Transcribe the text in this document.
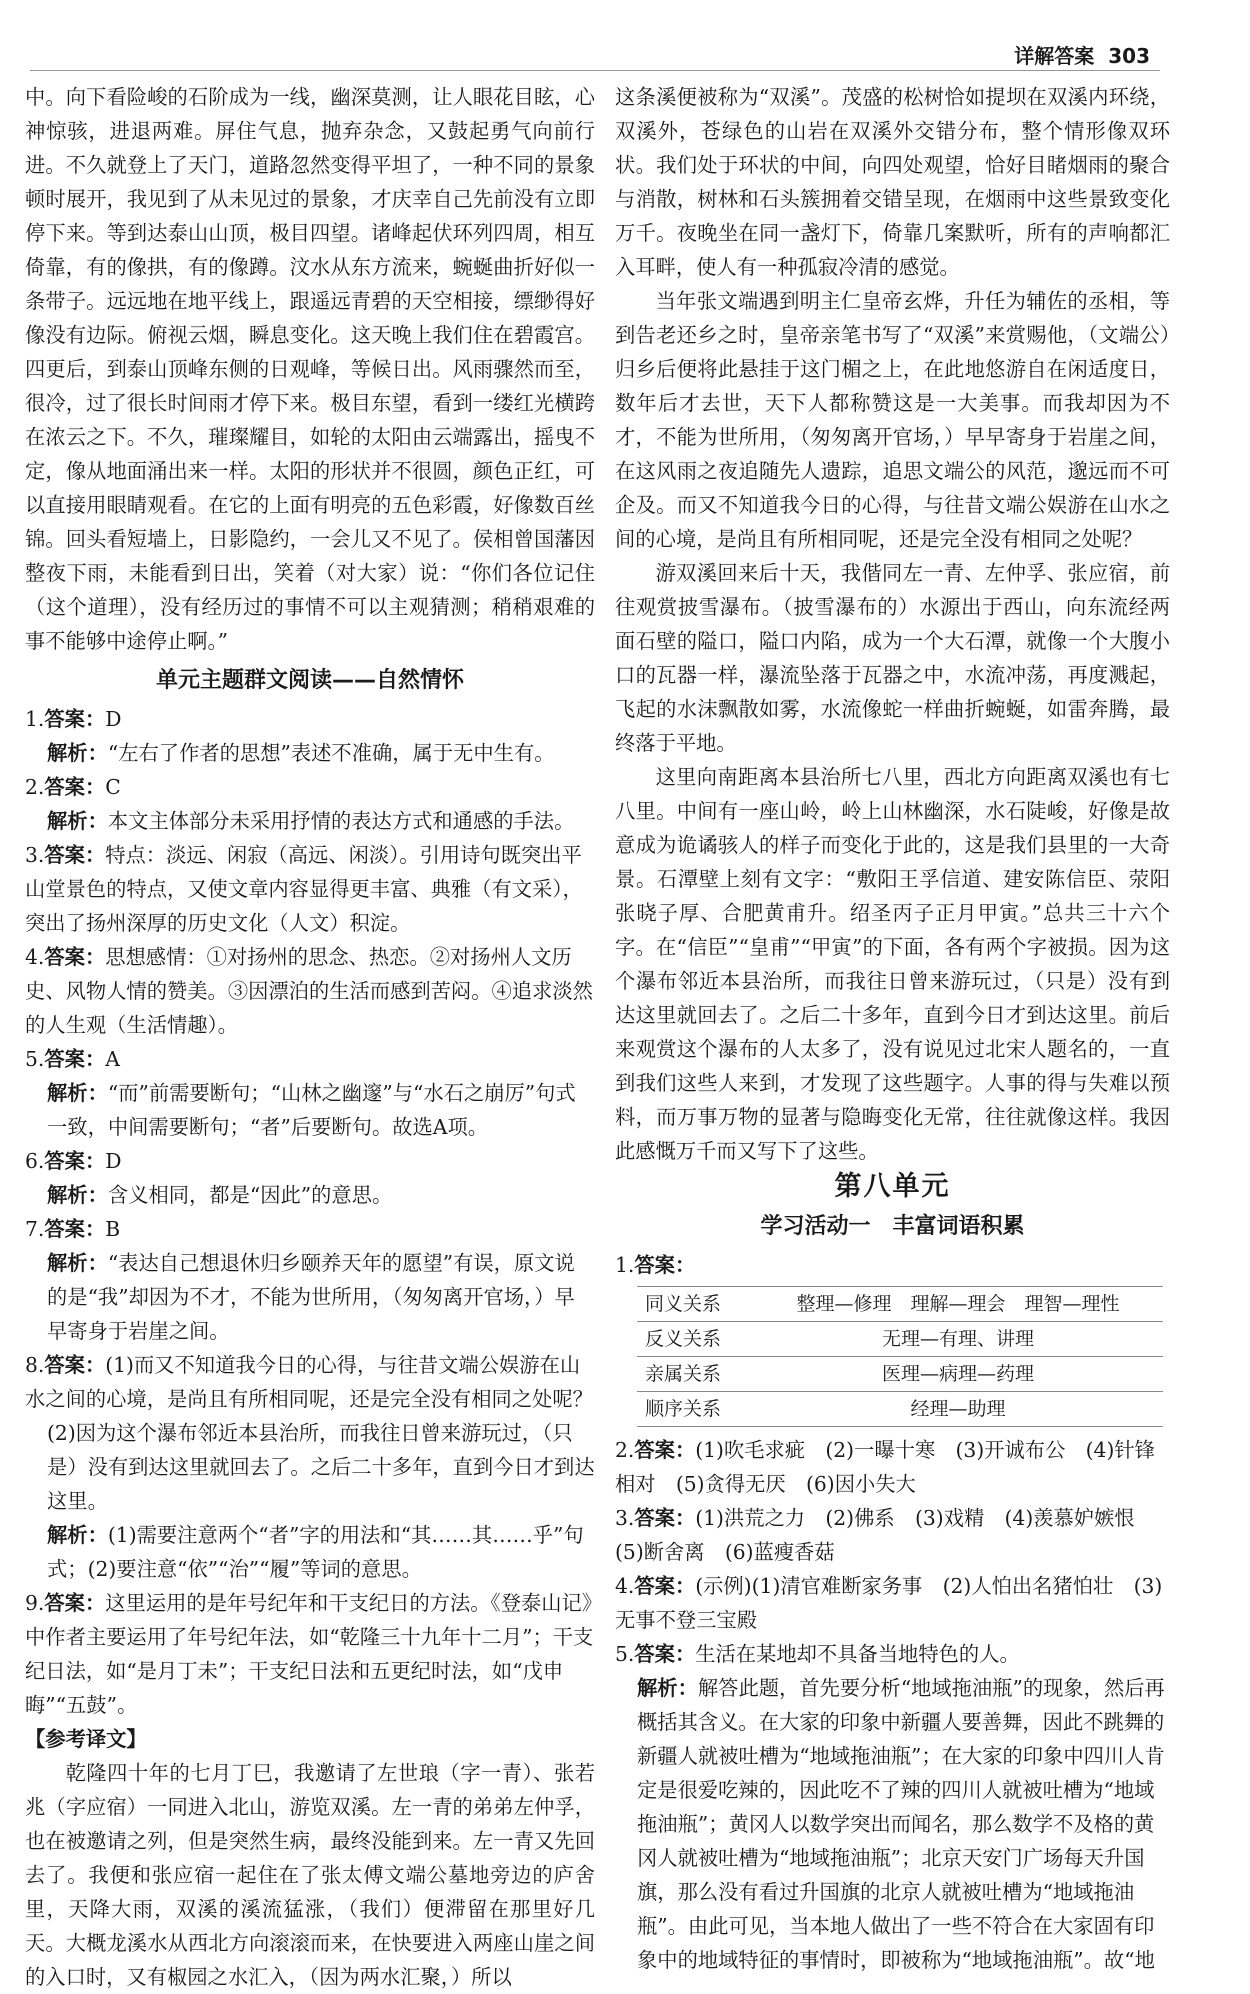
详解答案 303

中。向下看险峻的石阶成为一线，幽深莫测，让人眼花目眩，心神惊骇，进退两难。屏住气息，抛弃杂念，又鼓起勇气向前行进。不久就登上了天门，道路忽然变得平坦了，一种不同的景象顿时展开，我见到了从未见过的景象，才庆幸自己先前没有立即停下来。等到达泰山山顶，极目四望。诸峰起伏环列四周，相互倚靠，有的像拱，有的像蹲。汶水从东方流来，蜿蜒曲折好似一条带子。远远地在地平线上，跟遥远青碧的天空相接，缥缈得好像没有边际。俯视云烟，瞬息变化。这天晚上我们住在碧霞宫。四更后，到泰山顶峰东侧的日观峰，等候日出。风雨骤然而至，很冷，过了很长时间雨才停下来。极目东望，看到一缕红光横跨在浓云之下。不久，璀璨耀目，如轮的太阳由云端露出，摇曳不定，像从地面涌出来一样。太阳的形状并不很圆，颜色正红，可以直接用眼睛观看。在它的上面有明亮的五色彩霞，好像数百丝锦。回头看短墙上，日影隐约，一会儿又不见了。侯相曾国藩因整夜下雨，未能看到日出，笑着（对大家）说：“你们各位记住（这个道理），没有经历过的事情不可以主观猜测；稍稍艰难的事不能够中途停止啊。”

单元主题群文阅读——自然情怀

1.答案：D

解析：“左右了作者的思想”表述不准确，属于无中生有。

2.答案：C

解析：本文主体部分未采用抒情的表达方式和通感的手法。

3.答案：特点：淡远、闲寂（高远、闲淡）。引用诗句既突出平山堂景色的特点，又使文章内容显得更丰富、典雅（有文采），突出了扬州深厚的历史文化（人文）积淀。

4.答案：思想感情：①对扬州的思念、热恋。②对扬州人文历史、风物人情的赞美。③因漂泊的生活而感到苦闷。④追求淡然的人生观（生活情趣）。

5.答案：A

解析：“而”前需要断句；“山林之幽邃”与“水石之崩厉”句式一致，中间需要断句；“者”后要断句。故选A项。

6.答案：D

解析：含义相同，都是“因此”的意思。

7.答案：B

解析：“表达自己想退休归乡颐养天年的愿望”有误，原文说的是“我”却因为不才，不能为世所用，（匆匆离开官场，）早早寄身于岩崖之间。

8.答案：(1)而又不知道我今日的心得，与往昔文端公娱游在山水之间的心境，是尚且有所相同呢，还是完全没有相同之处呢？

(2)因为这个瀑布邻近本县治所，而我往日曾来游玩过，（只是）没有到达这里就回去了。之后二十多年，直到今日才到达这里。

解析：(1)需要注意两个“者”字的用法和“其……其……乎”句式；(2)要注意“依”“治”“履”等词的意思。

9.答案：这里运用的是年号纪年和干支纪日的方法。《登泰山记》中作者主要运用了年号纪年法，如“乾隆三十九年十二月”；干支纪日法，如“是月丁未”；干支纪日法和五更纪时法，如“戊申晦”“五鼓”。

【参考译文】

乾隆四十年的七月丁巳，我邀请了左世琅（字一青）、张若兆（字应宿）一同进入北山，游览双溪。左一青的弟弟左仲孚，也在被邀请之列，但是突然生病，最终没能到来。左一青又先回去了。我便和张应宿一起住在了张太傅文端公墓地旁边的庐舍里，天降大雨，双溪的溪流猛涨，（我们）便滞留在那里好几天。大概龙溪水从西北方向滚滚而来，在快要进入两座山崖之间的入口时，又有椒园之水汇入，（因为两水汇聚，）所以

这条溪便被称为“双溪”。茂盛的松树恰如提坝在双溪内环绕，双溪外，苍绿色的山岩在双溪外交错分布，整个情形像双环状。我们处于环状的中间，向四处观望，恰好目睹烟雨的聚合与消散，树林和石头簇拥着交错呈现，在烟雨中这些景致变化万千。夜晚坐在同一盏灯下，倚靠几案默听，所有的声响都汇入耳畔，使人有一种孤寂冷清的感觉。

当年张文端遇到明主仁皇帝玄烨，升任为辅佐的丞相，等到告老还乡之时，皇帝亲笔书写了“双溪”来赏赐他，（文端公）归乡后便将此悬挂于这门楣之上，在此地悠游自在闲适度日，数年后才去世，天下人都称赞这是一大美事。而我却因为不才，不能为世所用，（匆匆离开官场，）早早寄身于岩崖之间，在这风雨之夜追随先人遗踪，追思文端公的风范，邈远而不可企及。而又不知道我今日的心得，与往昔文端公娱游在山水之间的心境，是尚且有所相同呢，还是完全没有相同之处呢？

游双溪回来后十天，我偕同左一青、左仲孚、张应宿，前往观赏披雪瀑布。（披雪瀑布的）水源出于西山，向东流经两面石壁的隘口，隘口内陷，成为一个大石潭，就像一个大腹小口的瓦器一样，瀑流坠落于瓦器之中，水流冲荡，再度溅起，飞起的水沫飘散如雾，水流像蛇一样曲折蜿蜒，如雷奔腾，最终落于平地。

这里向南距离本县治所七八里，西北方向距离双溪也有七八里。中间有一座山岭，岭上山林幽深，水石陡峻，好像是故意成为诡谲骇人的样子而变化于此的，这是我们县里的一大奇景。石潭壁上刻有文字：“敷阳王孚信道、建安陈信臣、荥阳张晓子厚、合肥黄甫升。绍圣丙子正月甲寅。”总共三十六个字。在“信臣”“皇甫”“甲寅”的下面，各有两个字被损。因为这个瀑布邻近本县治所，而我往日曾来游玩过，（只是）没有到达这里就回去了。之后二十多年，直到今日才到达这里。前后来观赏这个瀑布的人太多了，没有说见过北宋人题名的，一直到我们这些人来到，才发现了这些题字。人事的得与失难以预料，而万事万物的显著与隐晦变化无常，往往就像这样。我因此感慨万千而又写下了这些。

第八单元
学习活动一　丰富词语积累

1.答案：

同义关系	整理—修理　理解—理会　理智—理性
反义关系	无理—有理、讲理
亲属关系	医理—病理—药理
顺序关系	经理—助理

2.答案：(1)吹毛求疵　(2)一曝十寒　(3)开诚布公　(4)针锋相对　(5)贪得无厌　(6)因小失大

3.答案：(1)洪荒之力　(2)佛系　(3)戏精　(4)羡慕妒嫉恨　(5)断舍离　(6)蓝瘦香菇

4.答案：(示例)(1)清官难断家务事　(2)人怕出名猪怕壮　(3)无事不登三宝殿

5.答案：生活在某地却不具备当地特色的人。

解析：解答此题，首先要分析“地域拖油瓶”的现象，然后再概括其含义。在大家的印象中新疆人要善舞，因此不跳舞的新疆人就被吐槽为“地域拖油瓶”；在大家的印象中四川人肯定是很爱吃辣的，因此吃不了辣的四川人就被吐槽为“地域拖油瓶”；黄冈人以数学突出而闻名，那么数学不及格的黄冈人就被吐槽为“地域拖油瓶”；北京天安门广场每天升国旗，那么没有看过升国旗的北京人就被吐槽为“地域拖油瓶”。由此可见，当本地人做出了一些不符合在大家固有印象中的地域特征的事情时，即被称为“地域拖油瓶”。故“地
